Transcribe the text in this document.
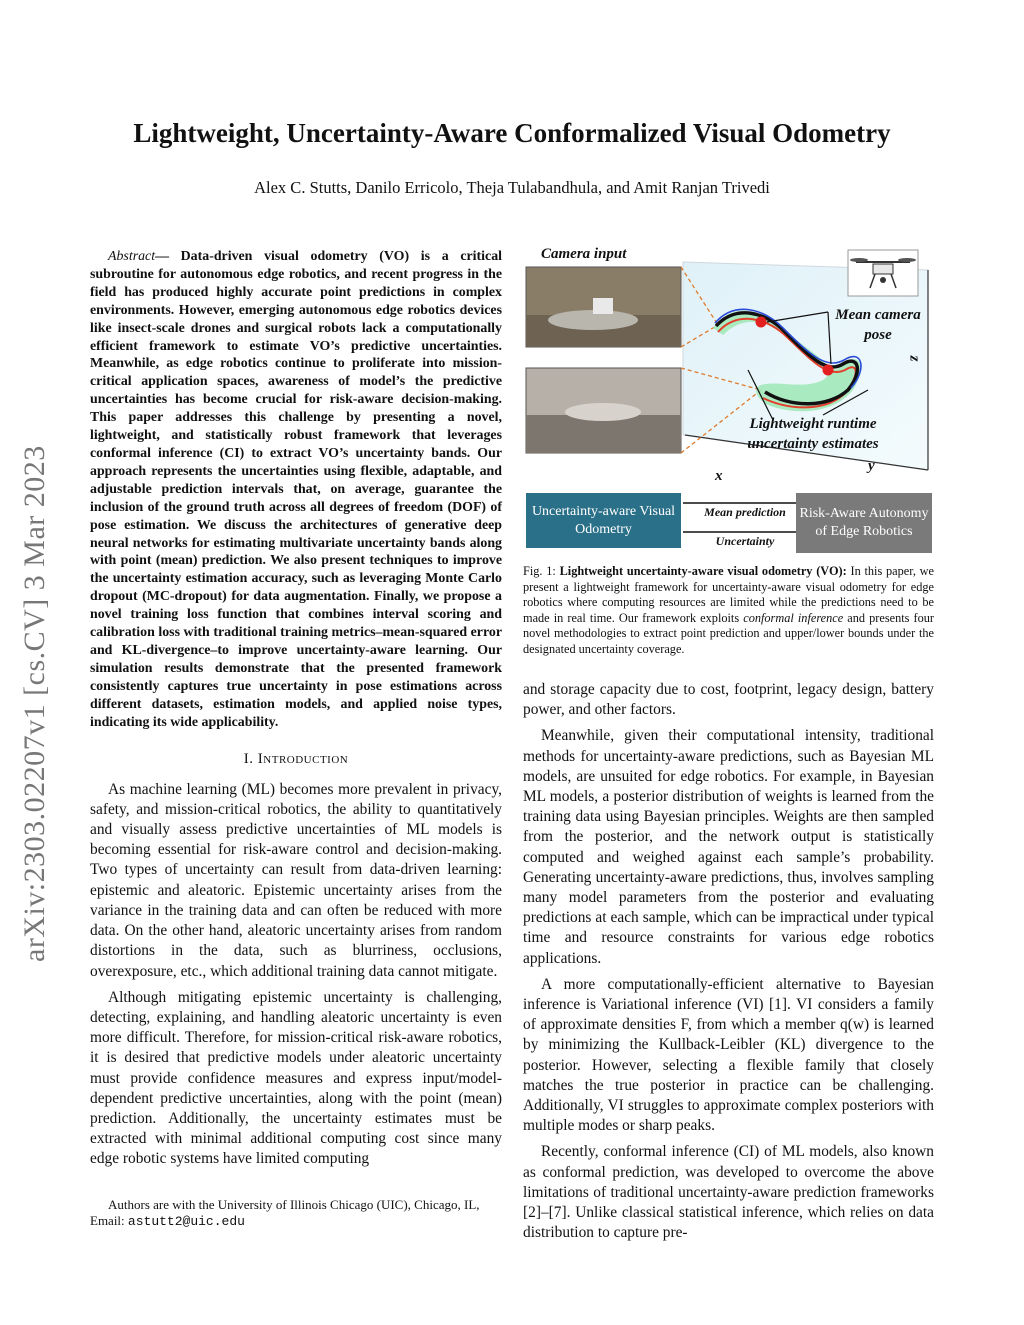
Lightweight, Uncertainty-Aware Conformalized Visual Odometry
Alex C. Stutts, Danilo Erricolo, Theja Tulabandhula, and Amit Ranjan Trivedi
arXiv:2303.02207v1 [cs.CV] 3 Mar 2023
Abstract— Data-driven visual odometry (VO) is a critical subroutine for autonomous edge robotics, and recent progress in the field has produced highly accurate point predictions in complex environments. However, emerging autonomous edge robotics devices like insect-scale drones and surgical robots lack a computationally efficient framework to estimate VO’s predictive uncertainties. Meanwhile, as edge robotics continue to proliferate into mission-critical application spaces, awareness of model’s the predictive uncertainties has become crucial for risk-aware decision-making. This paper addresses this challenge by presenting a novel, lightweight, and statistically robust framework that leverages conformal inference (CI) to extract VO’s uncertainty bands. Our approach represents the uncertainties using flexible, adaptable, and adjustable prediction intervals that, on average, guarantee the inclusion of the ground truth across all degrees of freedom (DOF) of pose estimation. We discuss the architectures of generative deep neural networks for estimating multivariate uncertainty bands along with point (mean) prediction. We also present techniques to improve the uncertainty estimation accuracy, such as leveraging Monte Carlo dropout (MC-dropout) for data augmentation. Finally, we propose a novel training loss function that combines interval scoring and calibration loss with traditional training metrics–mean-squared error and KL-divergence–to improve uncertainty-aware learning. Our simulation results demonstrate that the presented framework consistently captures true uncertainty in pose estimations across different datasets, estimation models, and applied noise types, indicating its wide applicability.
I. Introduction

As machine learning (ML) becomes more prevalent in privacy, safety, and mission-critical robotics, the ability to quantitatively and visually assess predictive uncertainties of ML models is becoming essential for risk-aware control and decision-making. Two types of uncertainty can result from data-driven learning: epistemic and aleatoric. Epistemic uncertainty arises from the variance in the training data and can often be reduced with more data. On the other hand, aleatoric uncertainty arises from random distortions in the data, such as blurriness, occlusions, overexposure, etc., which additional training data cannot mitigate.

Although mitigating epistemic uncertainty is challenging, detecting, explaining, and handling aleatoric uncertainty is even more difficult. Therefore, for mission-critical risk-aware robotics, it is desired that predictive models under aleatoric uncertainty must provide confidence measures and express input/model-dependent predictive uncertainties, along with the point (mean) prediction. Additionally, the uncertainty estimates must be extracted with minimal additional computing cost since many edge robotic systems have limited computing

Authors are with the University of Illinois Chicago (UIC), Chicago, IL,
Email: astutt2@uic.edu
Camera input
Mean camera pose
Lightweight runtime uncertainty estimates
x
y
z
Uncertainty-aware Visual Odometry
Mean prediction
Uncertainty
Risk-Aware Autonomy of Edge Robotics
Fig. 1: Lightweight uncertainty-aware visual odometry (VO): In this paper, we present a lightweight framework for uncertainty-aware visual odometry for edge robotics where computing resources are limited while the predictions need to be made in real time. Our framework exploits conformal inference and presents four novel methodologies to extract point prediction and upper/lower bounds under the designated uncertainty coverage.

and storage capacity due to cost, footprint, legacy design, battery power, and other factors.

Meanwhile, given their computational intensity, traditional methods for uncertainty-aware predictions, such as Bayesian ML models, are unsuited for edge robotics. For example, in Bayesian ML models, a posterior distribution of weights is learned from the training data using Bayesian principles. Weights are then sampled from the posterior, and the network output is statistically computed and weighed against each sample’s probability. Generating uncertainty-aware predictions, thus, involves sampling many model parameters from the posterior and evaluating predictions at each sample, which can be impractical under typical time and resource constraints for various edge robotics applications.

A more computationally-efficient alternative to Bayesian inference is Variational inference (VI) [1]. VI considers a family of approximate densities F, from which a member q(w) is learned by minimizing the Kullback-Leibler (KL) divergence to the posterior. However, selecting a flexible family that closely matches the true posterior in practice can be challenging. Additionally, VI struggles to approximate complex posteriors with multiple modes or sharp peaks.

Recently, conformal inference (CI) of ML models, also known as conformal prediction, was developed to overcome the above limitations of traditional uncertainty-aware prediction frameworks [2]–[7]. Unlike classical statistical inference, which relies on data distribution to capture pre-
